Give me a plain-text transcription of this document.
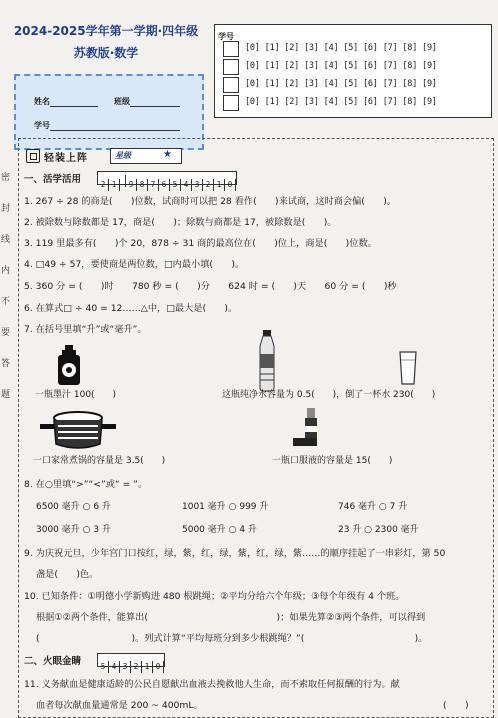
2024-2025学年第一学期·四年级
苏教版·数学
姓名	班级
学号
学号
[0] [1] [2] [3] [4] [5] [6] [7] [8] [9]
[0] [1] [2] [3] [4] [5] [6] [7] [8] [9]
[0] [1] [2] [3] [4] [5] [6] [7] [8] [9]
[0] [1] [2] [3] [4] [5] [6] [7] [8] [9]
密
封
线
内
不
要
答
题
轻装上阵	星级	★
一、活学活用	2 1 9 8 7 6 5 4 3 2 1 0
1. 267 ÷ 28 的商是(　　)位数，试商时可以把 28 看作(　　)来试商，这时商会偏(　　)。
2. 被除数与除数都是 17，商是(　　)；除数与商都是 17，被除数是(　　)。
3. 119 里最多有(　　)个 20，878 ÷ 31 商的最高位在(　　)位上，商是(　　)位数。
4. □49 ÷ 57，要使商是两位数，□内最小填(　　)。
5. 360 分 = (　　)时　　780 秒 = (　　)分　　624 时 = (　　)天　　60 分 = (　　)秒
6. 在算式□ ÷ 40 = 12……△中，□最大是(　　)。
7. 在括号里填“升”或“毫升”。
一瓶墨汁 100(　　)	这瓶纯净水容量为 0.5(　　)，倒了一杯水 230(　　)
一口家常煮锅的容量是 3.5(　　)	一瓶口服液的容量是 15(　　)
8. 在○里填“>”“<”或“ = ”。
6500 毫升 ○ 6 升	1001 毫升 ○ 999 升	746 毫升 ○ 7 升
3000 毫升 ○ 3 升	5000 毫升 ○ 4 升	23 升 ○ 2300 毫升
9. 为庆祝元旦，少年宫门口按红，绿，紫，红，绿，紫，红，绿，紫……的顺序挂起了一串彩灯，第 50
盏是(　　)色。
10. 已知条件：①明德小学新购进 480 根跳绳；②平均分给六个年级；③每个年级有 4 个班。
根据①②两个条件，能算出(　　　　　　　　　　　　　　)；如果先算②③两个条件，可以得到
(　　　　　　　　　　)。列式计算“平均每班分到多少根跳绳？”(　　　　　　　　　　　　)。
二、火眼金睛	5 4 3 2 1 0
11. 义务献血是健康适龄的公民自愿献出血液去挽救他人生命，而不索取任何报酬的行为。献
血者每次献血量通常是 200 ~ 400mL。	(　　)
